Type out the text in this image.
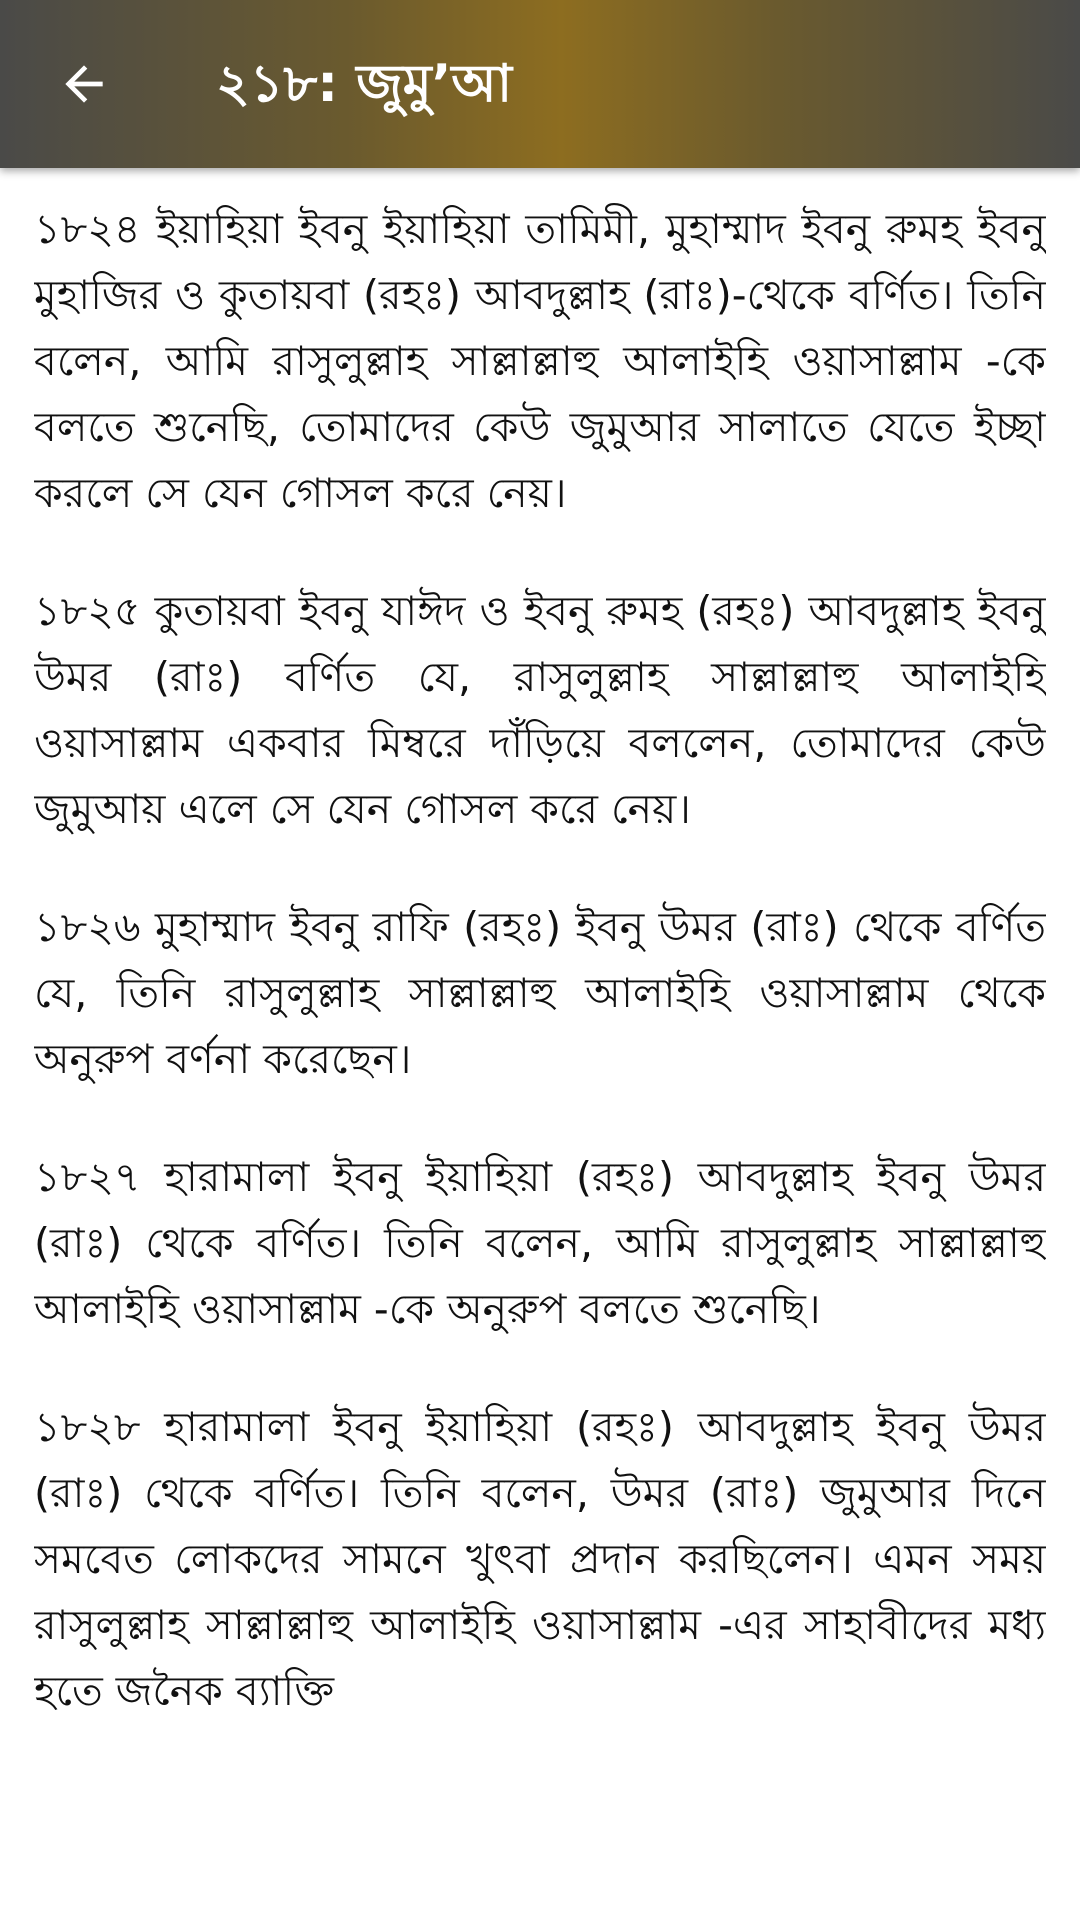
২১৮: জুমু’আ

১৮২৪ ইয়াহিয়া ইবনু ইয়াহিয়া তামিমী, মুহাম্মাদ ইবনু রুমহ ইবনু মুহাজির ও কুতায়বা (রহঃ) আবদুল্লাহ (রাঃ)-থেকে বর্ণিত। তিনি বলেন, আমি রাসুলুল্লাহ সাল্লাল্লাহু আলাইহি ওয়াসাল্লাম -কে বলতে শুনেছি, তোমাদের কেউ জুমুআর সালাতে যেতে ইচ্ছা করলে সে যেন গোসল করে নেয়।

১৮২৫ কুতায়বা ইবনু যাঈদ ও ইবনু রুমহ (রহঃ) আবদুল্লাহ ইবনু উমর (রাঃ) বর্ণিত যে, রাসুলুল্লাহ সাল্লাল্লাহু আলাইহি ওয়াসাল্লাম একবার মিম্বরে দাঁড়িয়ে বললেন, তোমাদের কেউ জুমুআয় এলে সে যেন গোসল করে নেয়।

১৮২৬ মুহাম্মাদ ইবনু রাফি (রহঃ) ইবনু উমর (রাঃ) থেকে বর্ণিত যে, তিনি রাসুলুল্লাহ সাল্লাল্লাহু আলাইহি ওয়াসাল্লাম থেকে অনুরুপ বর্ণনা করেছেন।

১৮২৭ হারামালা ইবনু ইয়াহিয়া (রহঃ) আবদুল্লাহ ইবনু উমর (রাঃ) থেকে বর্ণিত। তিনি বলেন, আমি রাসুলুল্লাহ সাল্লাল্লাহু আলাইহি ওয়াসাল্লাম -কে অনুরুপ বলতে শুনেছি।

১৮২৮ হারামালা ইবনু ইয়াহিয়া (রহঃ) আবদুল্লাহ ইবনু উমর (রাঃ) থেকে বর্ণিত। তিনি বলেন, উমর (রাঃ) জুমুআর দিনে সমবেত লোকদের সামনে খুৎবা প্রদান করছিলেন। এমন সময় রাসুলুল্লাহ সাল্লাল্লাহু আলাইহি ওয়াসাল্লাম -এর সাহাবীদের মধ্য হতে জনৈক ব্যাক্তি
